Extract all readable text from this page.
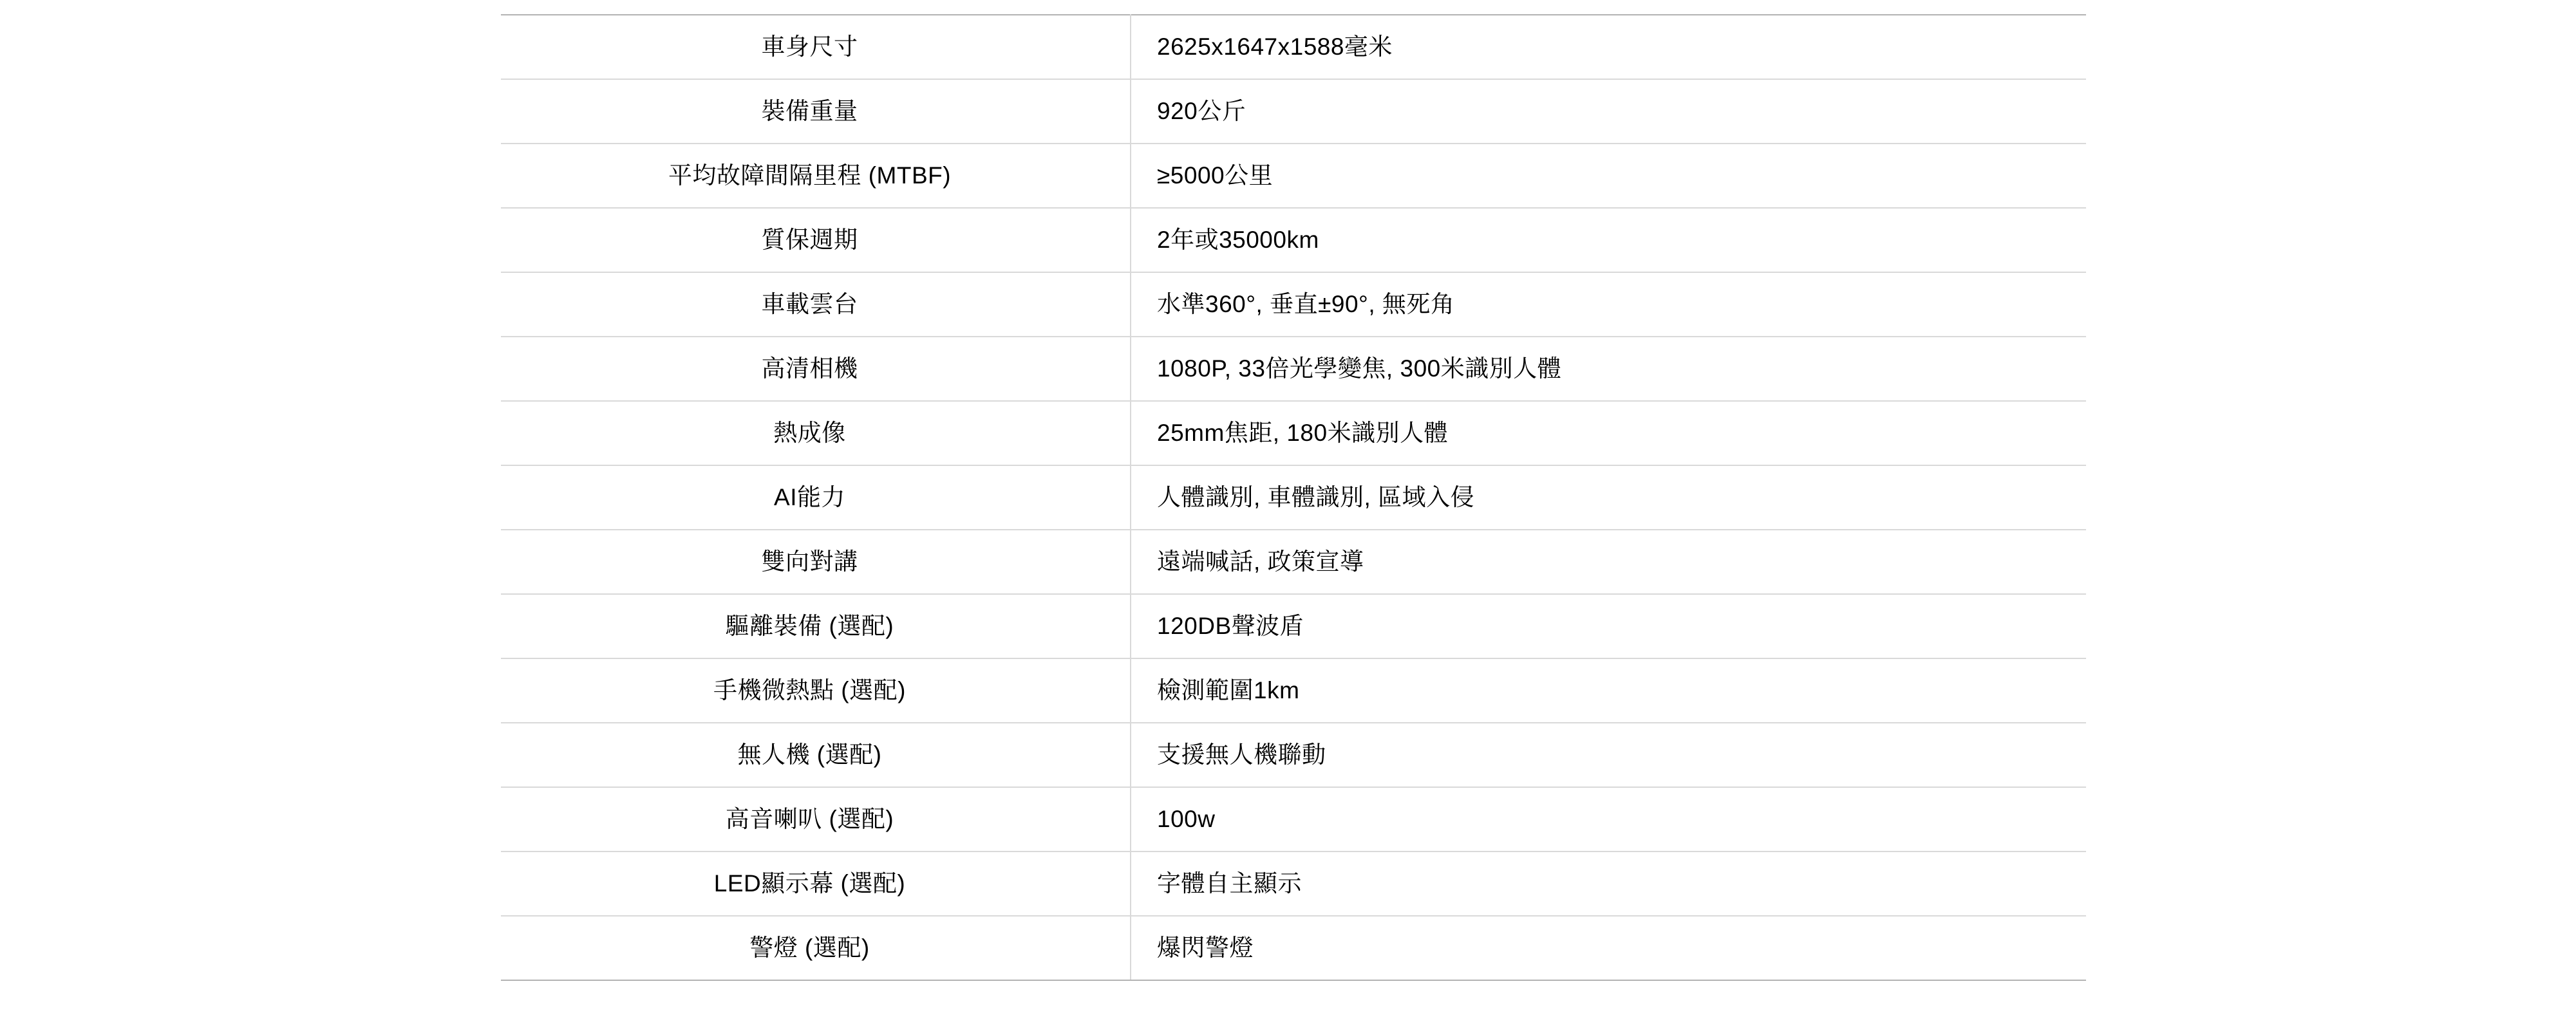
車身尺寸	2625x1647x1588毫米
裝備重量	920公斤
平均故障間隔里程 (MTBF)	≥5000公里
質保週期	2年或35000km
車載雲台	水準360°, 垂直±90°, 無死角
高清相機	1080P, 33倍光學變焦, 300米識別人體
熱成像	25mm焦距, 180米識別人體
AI能力	人體識別, 車體識別, 區域入侵
雙向對講	遠端喊話, 政策宣導
驅離裝備 (選配)	120DB聲波盾
手機微熱點 (選配)	檢測範圍1km
無人機 (選配)	支援無人機聯動
高音喇叭 (選配)	100w
LED顯示幕 (選配)	字體自主顯示
警燈 (選配)	爆閃警燈
